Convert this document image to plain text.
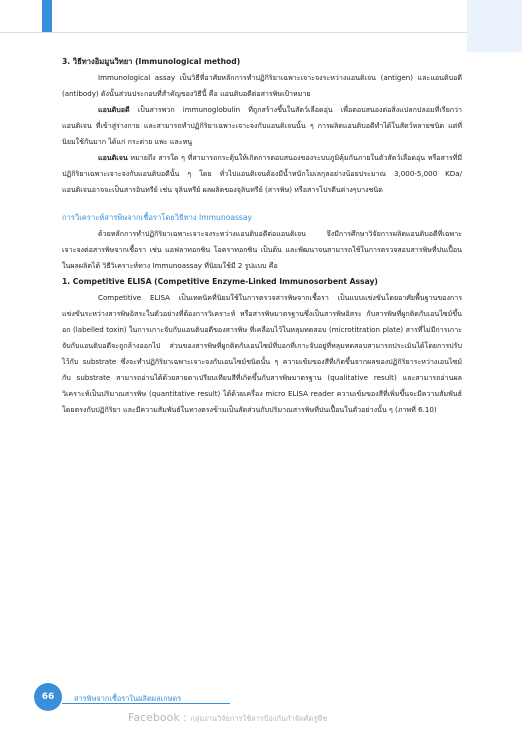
3. วิธีทางอิมมูนวิทยา (Immunological method)

Immunological assay เป็นวิธีที่อาศัยหลักการทำปฏิกิริยาเฉพาะเจาะจงระหว่างแอนติเจน (antigen) และแอนติบอดี (antibody) ดังนั้นส่วนประกอบที่สำคัญของวิธีนี้ คือ แอนติบอดีต่อสารพิษเป้าหมาย

แอนติบอดี เป็นสารพวก immunoglobulin ที่ถูกสร้างขึ้นในสัตว์เลือดอุ่น เพื่อตอบสนองต่อสิ่งแปลกปลอมที่เรียกว่าแอนติเจน ที่เข้าสู่ร่างกาย และสามารถทำปฏิกิริยาเฉพาะเจาะจงกับแอนติเจนนั้น ๆ การผลิตแอนติบอดีทำได้ในสัตว์หลายชนิด แต่ที่นิยมใช้กันมาก ได้แก่ กระต่าย แพะ และหนู

แอนติเจน หมายถึง สารใด ๆ ที่สามารถกระตุ้นให้เกิดการตอบสนองของระบบภูมิคุ้มกันภายในตัวสัตว์เลือดอุ่น หรือสารที่มีปฏิกิริยาเฉพาะเจาะจงกับแอนติบอดีนั้น ๆ โดย ทั่วไปแอนติเจนต้องมีน้ำหนักโมเลกุลอย่างน้อยประมาณ 3,000-5,000 KDa/ แอนติเจนอาจจะเป็นสารอินทรีย์ เช่น จุลินทรีย์ ผลผลิตของจุลินทรีย์ (สารพิษ) หรือสารโปรตีนต่างๆบางชนิด

การวิเคราะห์สารพิษจากเชื้อราโดยวิธีทาง Immunoassay

ด้วยหลักการทำปฏิกิริยาเฉพาะเจาะจงระหว่างแอนติบอดีต่อแอนติเจน จึงมีการศึกษาวิจัยการผลิตแอนติบอดีที่เฉพาะเจาะจงต่อสารพิษจากเชื้อรา เช่น แอฟลาทอกซิน โอคราทอกซิน เป็นต้น และพัฒนาจนสามารถใช้ในการตรวจสอบสารพิษที่ปนเปื้อนในผลผลิตได้ วิธีวิเคราะห์ทาง Immunoassay ที่นิยมใช้มี 2 รูปแบบ คือ

1. Competitive ELISA (Competitive Enzyme-Linked Immunosorbent Assay)

Competitive ELISA เป็นเทคนิคที่นิยมใช้ในการตรวจสารพิษจากเชื้อรา เป็นแบบแข่งขันโดยอาศัยพื้นฐานของการแข่งขันระหว่างสารพิษอิสระในตัวอย่างที่ต้องการวิเคราะห์ หรือสารพิษมาตรฐานซึ่งเป็นสารพิษอิสระ กับสารพิษที่ผูกติดกับเอนไซม์ขึ้นอก (labelled toxin) ในการเกาะจับกับแอนติบอดีของสารพิษ ที่เคลือบไว้ในหลุมทดสอบ (microtitration plate) สารที่ไม่มีการเกาะจับกับแอนติบอดีจะถูกล้างออกไป ส่วนของสารพิษที่ผูกติดกับเอนไซม์ที่บอกที่เกาะจับอยู่ที่หลุมทดสอบสามารถประเมินได้โดยการปรับไว้กับ substrate ซึ่งจะทำปฏิกิริยาเฉพาะเจาะจงกับเอนไซม์ชนิดนั้น ๆ ความเข้มของสีที่เกิดขึ้นจากผลของปฏิกิริยาระหว่างเอนไซม์กับ substrate สามารถอ่านได้ด้วยสายตาเปรียบเทียบสีที่เกิดขึ้นกับสารพิษมาตรฐาน (qualitative result) และสามารถอ่านผลวิเคราะห์เป็นปริมาณสารพิษ (quantitative result) ได้ด้วยเครื่อง micro ELISA reader ความเข้มของสีที่เพิ่มขึ้นจะมีความสัมพันธ์โดยตรงกับปฏิกิริยา และมีความสัมพันธ์ในทางตรงข้ามเป็นสัดส่วนกับปริมาณสารพิษที่ปนเปื้อนในตัวอย่างนั้น ๆ (ภาพที่ 6.10)

66	สารพิษจากเชื้อราในผลิตผลเกษตร
Facebook : กลุ่มงานวิจัยการใช้สารป้องกันกำจัดศัตรูพืช
